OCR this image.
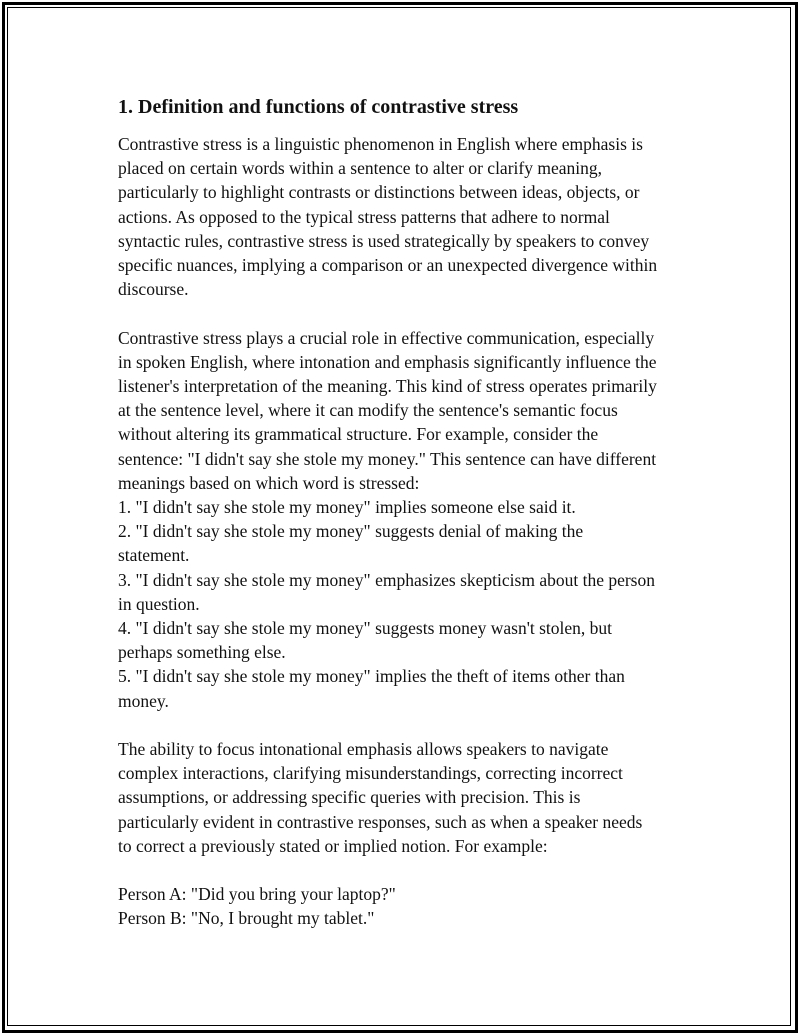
1. Definition and functions of contrastive stress
Contrastive stress is a linguistic phenomenon in English where emphasis is
placed on certain words within a sentence to alter or clarify meaning,
particularly to highlight contrasts or distinctions between ideas, objects, or
actions. As opposed to the typical stress patterns that adhere to normal
syntactic rules, contrastive stress is used strategically by speakers to convey
specific nuances, implying a comparison or an unexpected divergence within
discourse.
Contrastive stress plays a crucial role in effective communication, especially
in spoken English, where intonation and emphasis significantly influence the
listener's interpretation of the meaning. This kind of stress operates primarily
at the sentence level, where it can modify the sentence's semantic focus
without altering its grammatical structure. For example, consider the
sentence: "I didn't say she stole my money." This sentence can have different
meanings based on which word is stressed:
1. "I didn't say she stole my money" implies someone else said it.
2. "I didn't say she stole my money" suggests denial of making the
statement.
3. "I didn't say she stole my money" emphasizes skepticism about the person
in question.
4. "I didn't say she stole my money" suggests money wasn't stolen, but
perhaps something else.
5. "I didn't say she stole my money" implies the theft of items other than
money.
The ability to focus intonational emphasis allows speakers to navigate
complex interactions, clarifying misunderstandings, correcting incorrect
assumptions, or addressing specific queries with precision. This is
particularly evident in contrastive responses, such as when a speaker needs
to correct a previously stated or implied notion. For example:
Person A: "Did you bring your laptop?"
Person B: "No, I brought my tablet."
